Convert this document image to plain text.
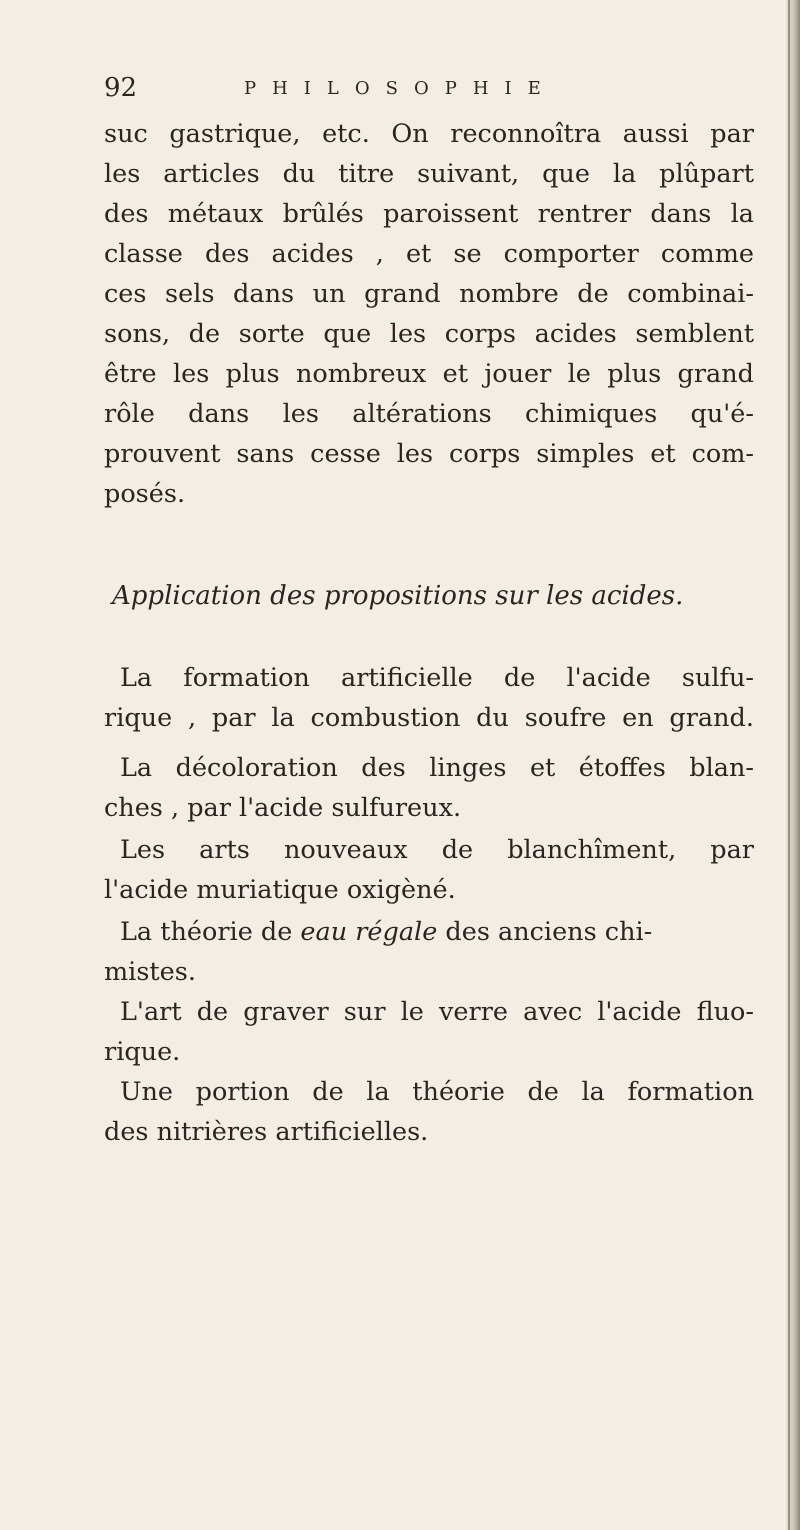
92	PHILOSOPHIE
suc gastrique, etc. On reconnoîtra aussi par
les articles du titre suivant, que la plûpart
des métaux brûlés paroissent rentrer dans la
classe des acides , et se comporter comme
ces sels dans un grand nombre de combinai-
sons, de sorte que les corps acides semblent
être les plus nombreux et jouer le plus grand
rôle dans les altérations chimiques qu'é-
prouvent sans cesse les corps simples et com-
posés.
Application des propositions sur les acides.
La formation artificielle de l'acide sulfu-
rique , par la combustion du soufre en grand.
La décoloration des linges et étoffes blan-
ches , par l'acide sulfureux.
Les arts nouveaux de blanchîment, par
l'acide muriatique oxigèné.
La théorie de eau régale des anciens chi-
mistes.
L'art de graver sur le verre avec l'acide fluo-
rique.
Une portion de la théorie de la formation
des nitrières artificielles.
